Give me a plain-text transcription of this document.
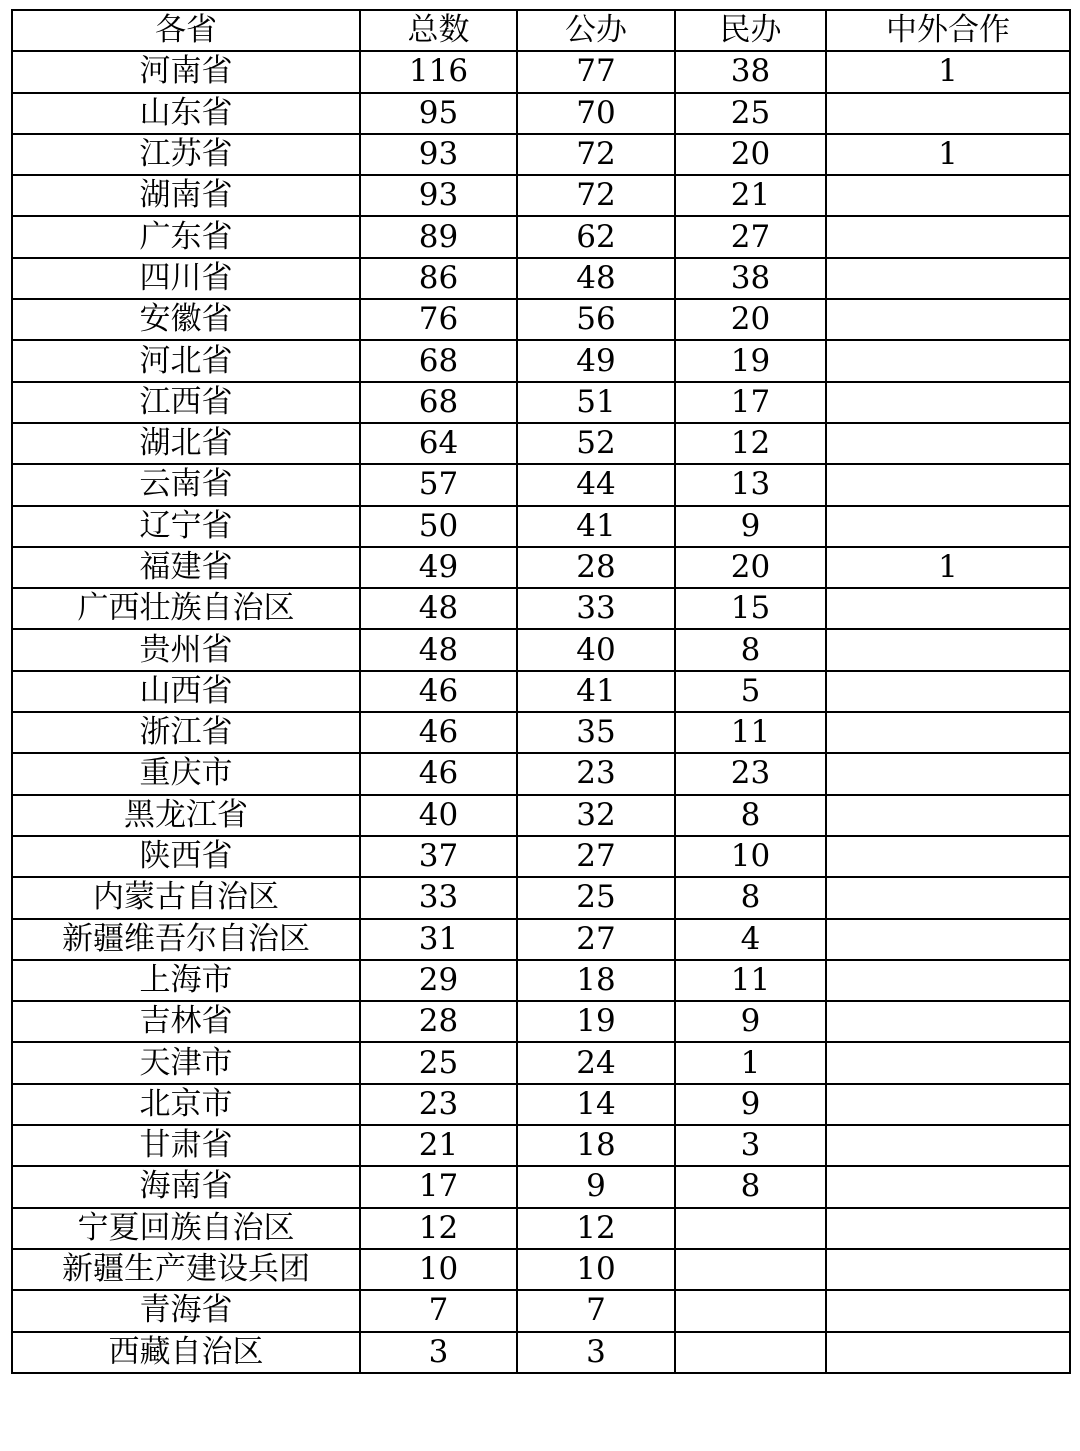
各省	总数	公办	民办	中外合作
河南省	116	77	38	1
山东省	95	70	25	
江苏省	93	72	20	1
湖南省	93	72	21	
广东省	89	62	27	
四川省	86	48	38	
安徽省	76	56	20	
河北省	68	49	19	
江西省	68	51	17	
湖北省	64	52	12	
云南省	57	44	13	
辽宁省	50	41	9	
福建省	49	28	20	1
广西壮族自治区	48	33	15	
贵州省	48	40	8	
山西省	46	41	5	
浙江省	46	35	11	
重庆市	46	23	23	
黑龙江省	40	32	8	
陕西省	37	27	10	
内蒙古自治区	33	25	8	
新疆维吾尔自治区	31	27	4	
上海市	29	18	11	
吉林省	28	19	9	
天津市	25	24	1	
北京市	23	14	9	
甘肃省	21	18	3	
海南省	17	9	8	
宁夏回族自治区	12	12		
新疆生产建设兵团	10	10		
青海省	7	7		
西藏自治区	3	3		
